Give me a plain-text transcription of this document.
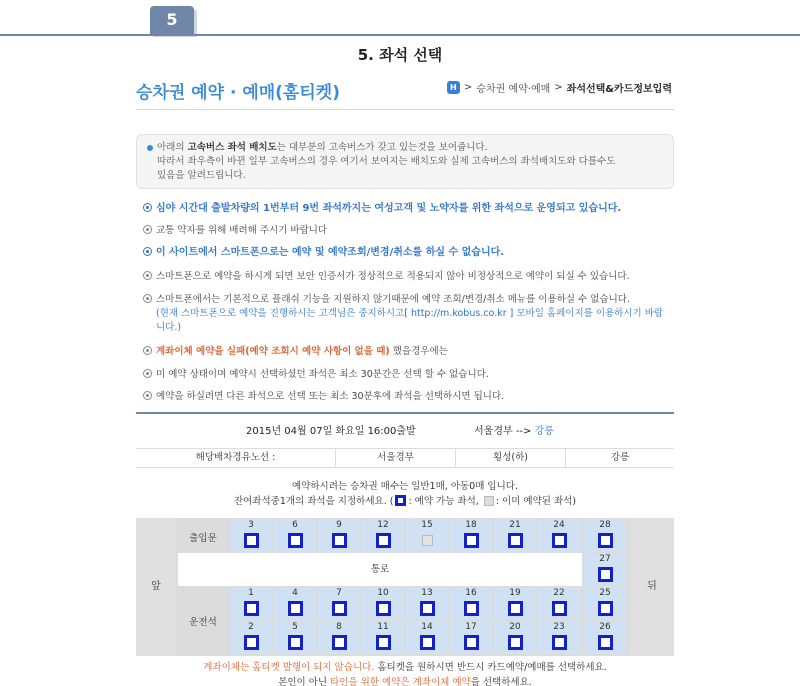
5
5. 좌석 선택
승차권 예약 · 예매(홈티켓)	H > 승차권 예약·예매 > 좌석선택&카드정보입력
아래의 고속버스 좌석 배치도는 대부분의 고속버스가 갖고 있는것을 보여줍니다.
따라서 좌우측이 바뀐 일부 고속버스의 경우 여기서 보여지는 배치도와 실제 고속버스의 좌석배치도와 다를수도
있음을 알려드립니다.
심야 시간대 출발차량의 1번부터 9번 좌석까지는 여성고객 및 노약자를 위한 좌석으로 운영되고 있습니다.
교통 약자를 위해 배려해 주시기 바랍니다
이 사이트에서 스마트폰으로는 예약 및 예약조회/변경/취소를 하실 수 없습니다.
스마트폰으로 예약을 하시게 되면 보안 인증서가 정상적으로 적용되지 않아 비정상적으로 예약이 되실 수 있습니다.
스마트폰에서는 기본적으로 플래쉬 기능을 지원하지 않기때문에 예약 조회/변경/취소 메뉴를 이용하실 수 없습니다.
(현재 스마트폰으로 예약을 진행하시는 고객님은 중지하시고[ http://m.kobus.co.kr ] 모바일 홈페이지를 이용하시기 바랍
니다.)
계좌이체 예약을 실패(예약 조회시 예약 사항이 없을 때) 했을경우에는
미 예약 상태이며 예약시 선택하셨던 좌석은 최소 30분간은 선택 할 수 없습니다.
예약을 하실려면 다른 좌석으로 선택 또는 최소 30분후에 좌석을 선택하시면 됩니다.
2015년 04월 07일 화요일 16:00출발	서울경부 --> 강릉
해당배차경유노선 :	서울경부	횡성(하)	강릉
예약하시려는 승차권 매수는 일반1매, 아동0매 입니다.
잔여좌석중1개의 좌석을 지정하세요. ( : 예약 가능 좌석, : 이미 예약된 좌석)
앞	뒤
출입문
운전석
통로
3	6	9	12	15	18	21	24	28
27
1	4	7	10	13	16	19	22	25
2	5	8	11	14	17	20	23	26
계좌이체는 홈티켓 발행이 되지 않습니다. 홈티켓을 원하시면 반드시 카드예약/예매를 선택하세요.
본인이 아닌 타인을 위한 예약은 계좌이체 예약을 선택하세요.
